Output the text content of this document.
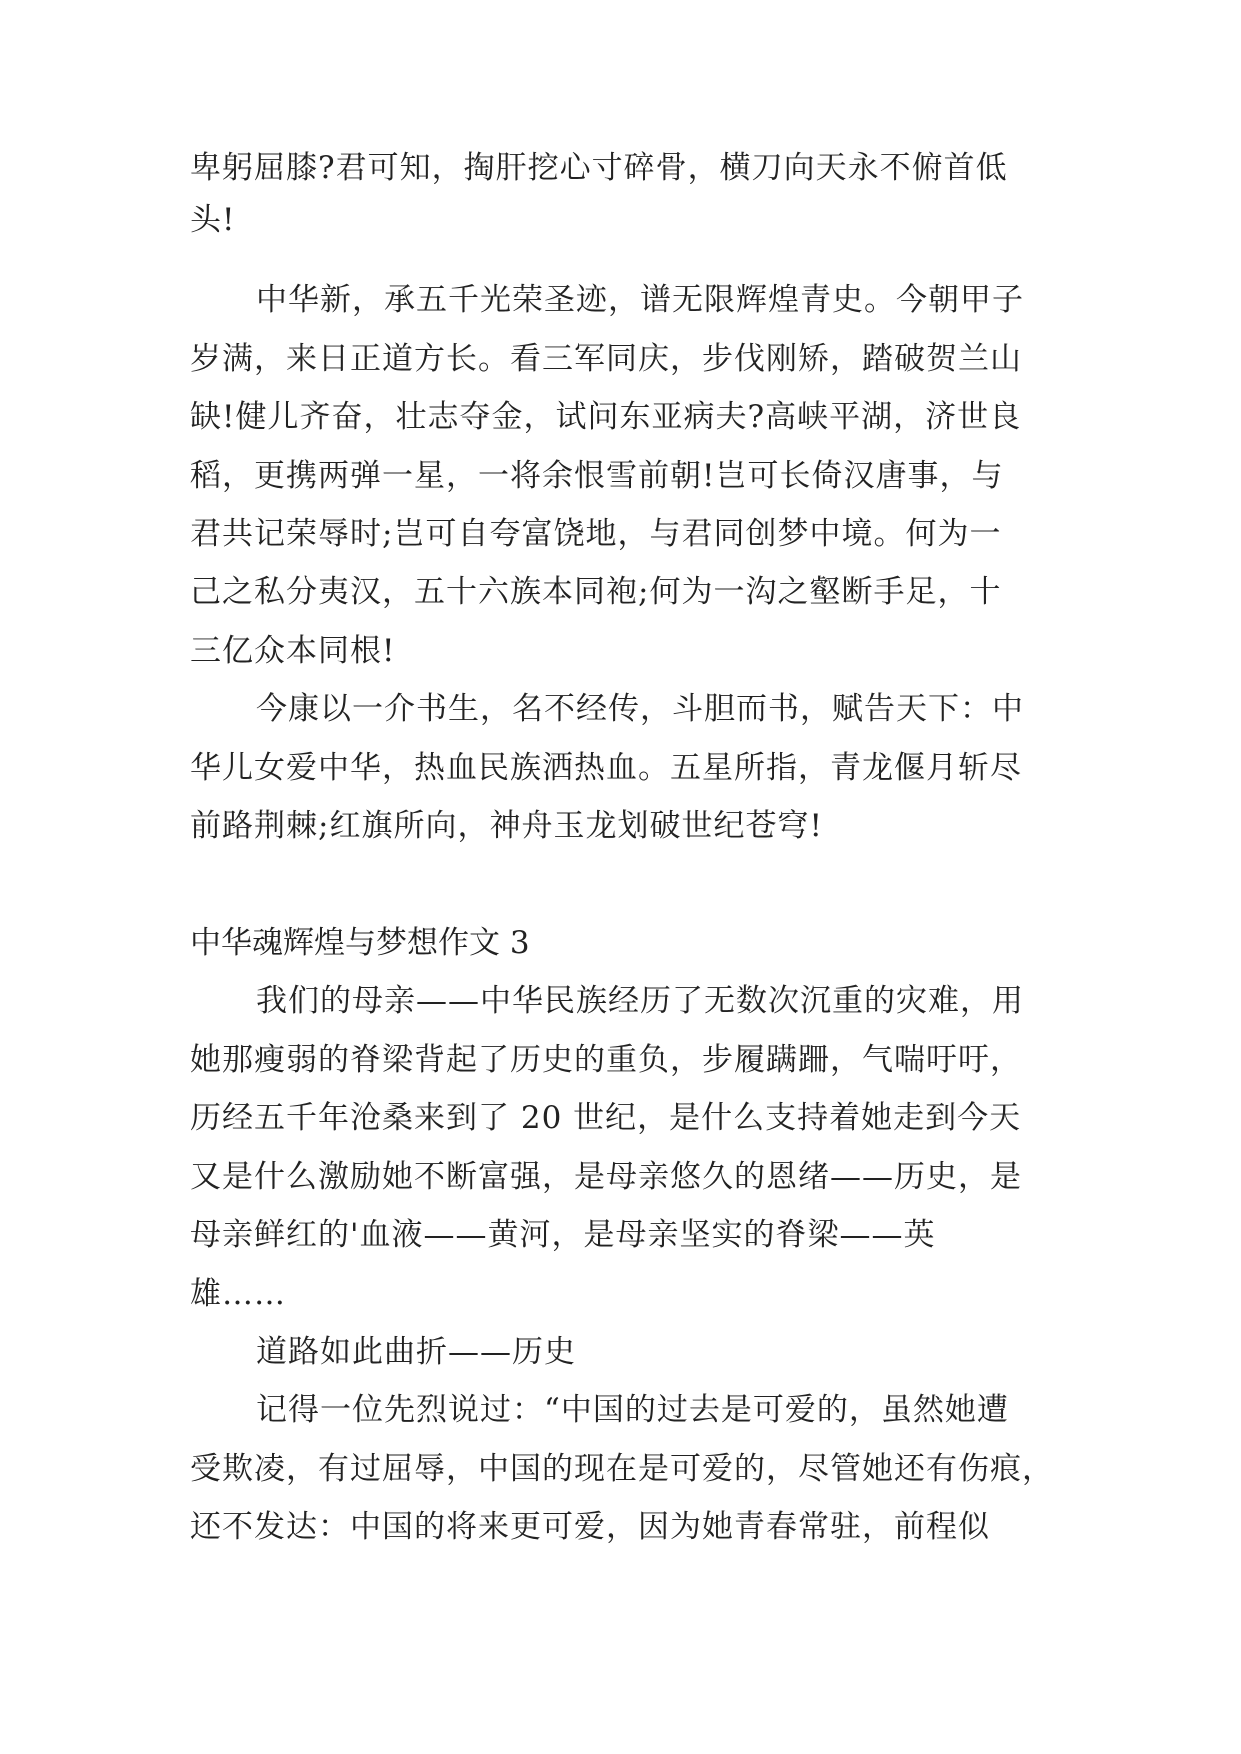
卑躬屈膝?君可知，掏肝挖心寸碎骨，横刀向天永不俯首低
头!
中华新，承五千光荣圣迹，谱无限辉煌青史。今朝甲子
岁满，来日正道方长。看三军同庆，步伐刚矫，踏破贺兰山
缺!健儿齐奋，壮志夺金，试问东亚病夫?高峡平湖，济世良
稻，更携两弹一星，一将余恨雪前朝!岂可长倚汉唐事，与
君共记荣辱时;岂可自夸富饶地，与君同创梦中境。何为一
己之私分夷汉，五十六族本同袍;何为一沟之壑断手足，十
三亿众本同根!
今康以一介书生，名不经传，斗胆而书，赋告天下：中
华儿女爱中华，热血民族洒热血。五星所指，青龙偃月斩尽
前路荆棘;红旗所向，神舟玉龙划破世纪苍穹!
中华魂辉煌与梦想作文 3
我们的母亲——中华民族经历了无数次沉重的灾难，用
她那瘦弱的脊梁背起了历史的重负，步履蹒跚，气喘吁吁，
历经五千年沧桑来到了 20 世纪，是什么支持着她走到今天
又是什么激励她不断富强，是母亲悠久的恩绪——历史，是
母亲鲜红的'血液——黄河，是母亲坚实的脊梁——英
雄……
道路如此曲折——历史
记得一位先烈说过：“中国的过去是可爱的，虽然她遭
受欺凌，有过屈辱，中国的现在是可爱的，尽管她还有伤痕，
还不发达：中国的将来更可爱，因为她青春常驻，前程似
